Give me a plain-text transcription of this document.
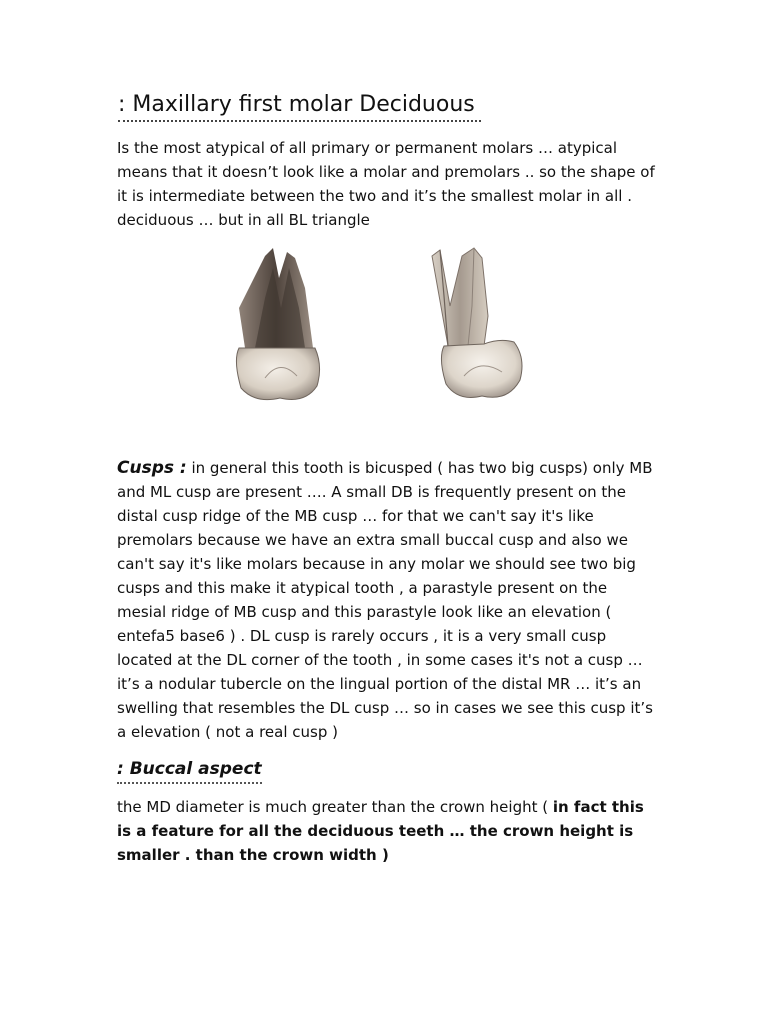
: Maxillary first molar Deciduous

Is the most atypical of all primary or permanent molars … atypical means that it doesn’t look like a molar and premolars .. so the shape of it is intermediate between the two and it’s the smallest molar in all . deciduous … but in all BL triangle

Cusps : in general this tooth is bicusped ( has two big cusps) only MB and ML cusp are present …. A small DB is frequently present on the distal cusp ridge of the MB cusp … for that we can't say it's like premolars because we have an extra small buccal cusp and also we can't say it's like molars because in any molar we should see two big cusps and this make it atypical tooth , a parastyle present on the mesial ridge of MB cusp and this parastyle look like an elevation ( entefa5 base6 ) . DL cusp is rarely occurs , it is a very small cusp located at the DL corner of the tooth , in some cases it's not a cusp … it’s a nodular tubercle on the lingual portion of the distal MR … it’s an swelling that resembles the DL cusp … so in cases we see this cusp it’s a elevation ( not a real cusp )

: Buccal aspect

the MD diameter is much greater than the crown height ( in fact this is a feature for all the deciduous teeth … the crown height is smaller . than the crown width )
